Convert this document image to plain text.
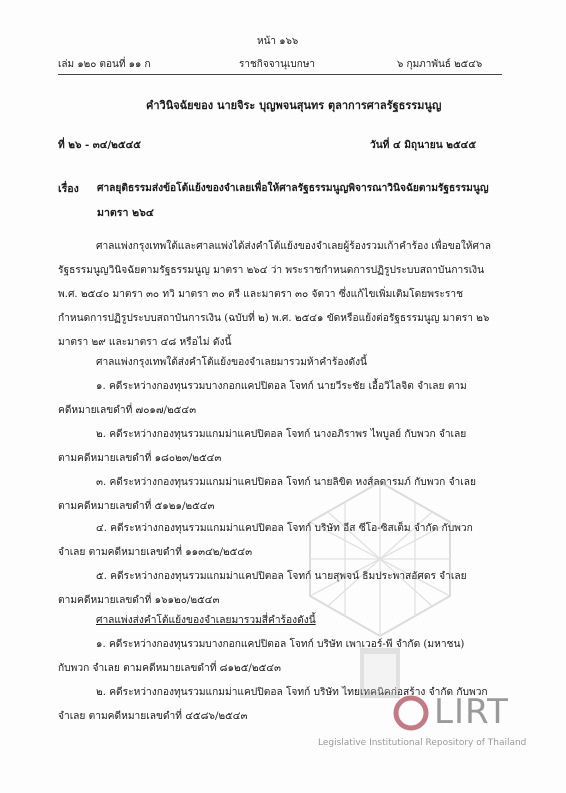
หน้า ๑๖๖
เล่ม ๑๒๐ ตอนที่ ๑๑ ก	ราชกิจจานุเบกษา	๖ กุมภาพันธ์ ๒๕๔๖
คำวินิจฉัยของ นายจิระ บุญพจนสุนทร ตุลาการศาลรัฐธรรมนูญ
ที่ ๒๖ - ๓๔/๒๕๔๕	วันที่ ๔ มิถุนายน ๒๕๔๕
เรื่อง ศาลยุติธรรมส่งข้อโต้แย้งของจำเลยเพื่อให้ศาลรัฐธรรมนูญพิจารณาวินิจฉัยตามรัฐธรรมนูญ
มาตรา ๒๖๔
ศาลแพ่งกรุงเทพใต้และศาลแพ่งได้ส่งคำโต้แย้งของจำเลยผู้ร้องรวมเก้าคำร้อง เพื่อขอให้ศาล
รัฐธรรมนูญวินิจฉัยตามรัฐธรรมนูญ มาตรา ๒๖๔ ว่า พระราชกำหนดการปฏิรูประบบสถาบันการเงิน
พ.ศ. ๒๕๔๐ มาตรา ๓๐ ทวิ มาตรา ๓๐ ตรี และมาตรา ๓๐ จัตวา ซึ่งแก้ไขเพิ่มเติมโดยพระราช
กำหนดการปฏิรูประบบสถาบันการเงิน (ฉบับที่ ๒) พ.ศ. ๒๕๔๑ ขัดหรือแย้งต่อรัฐธรรมนูญ มาตรา ๒๖
มาตรา ๒๙ และมาตรา ๔๘ หรือไม่ ดังนี้
ศาลแพ่งกรุงเทพใต้ส่งคำโต้แย้งของจำเลยมารวมห้าคำร้องดังนี้
๑. คดีระหว่างกองทุนรวมบางกอกแคปปิตอล โจทก์ นายวีระชัย เอื้อวิไลจิต จำเลย ตาม
คดีหมายเลขดำที่ ๗๐๑๗/๒๕๔๓
๒. คดีระหว่างกองทุนรวมแกมม่าแคปปิตอล โจทก์ นางอภิราพร ไพบูลย์ กับพวก จำเลย
ตามคดีหมายเลขดำที่ ๑๘๐๒๓/๒๕๔๓
๓. คดีระหว่างกองทุนรวมแกมม่าแคปปิตอล โจทก์ นายลิขิต หงส์ลดารมภ์ กับพวก จำเลย
ตามคดีหมายเลขดำที่ ๕๑๒๑/๒๕๔๓
๔. คดีระหว่างกองทุนรวมแกมม่าแคปปิตอล โจทก์ บริษัท อีส ซีโอ-ซิสเต็ม จำกัด กับพวก
จำเลย ตามคดีหมายเลขดำที่ ๑๑๓๔๒/๒๕๔๓
๕. คดีระหว่างกองทุนรวมแกมม่าแคปปิตอล โจทก์ นายสุพจน์ ธิมประพาสอัศดร จำเลย
ตามคดีหมายเลขดำที่ ๑๖๑๒๐/๒๕๔๓
ศาลแพ่งส่งคำโต้แย้งของจำเลยมารวมสี่คำร้องดังนี้
๑. คดีระหว่างกองทุนรวมบางกอกแคปปิตอล โจทก์ บริษัท เพาเวอร์-พี จำกัด (มหาชน)
กับพวก จำเลย ตามคดีหมายเลขดำที่ ๘๑๒๕/๒๕๔๓
๒. คดีระหว่างกองทุนรวมแกมม่าแคปปิตอล โจทก์ บริษัท ไทยเทคนิคก่อสร้าง จำกัด กับพวก
จำเลย ตามคดีหมายเลขดำที่ ๔๕๘๖/๒๕๔๓	LIRT
Legislative Institutional Repository of Thailand
